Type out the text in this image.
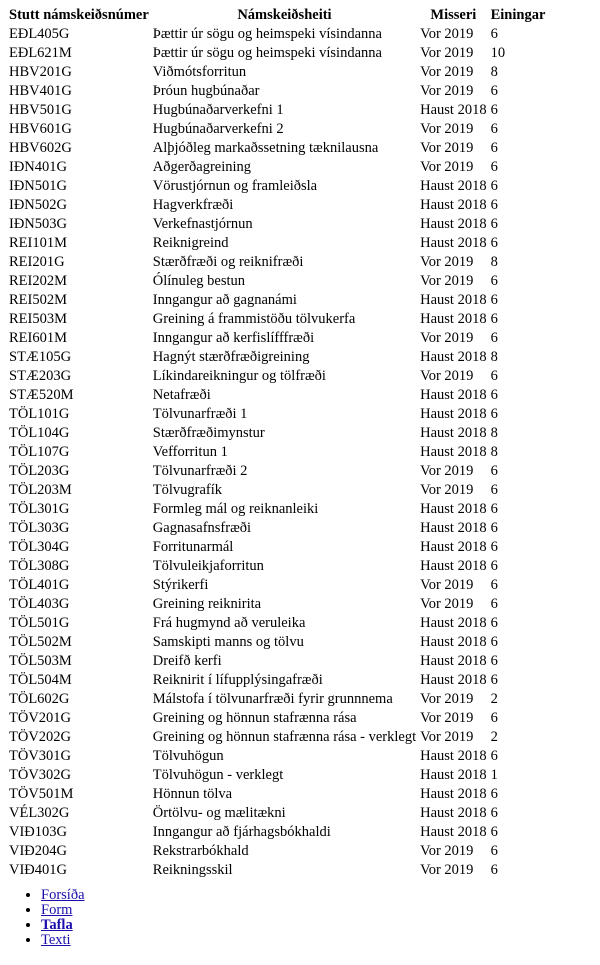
Stutt námskeiðsnúmer	Námskeiðsheiti	Misseri	Einingar
EÐL405G	Þættir úr sögu og heimspeki vísindanna	Vor 2019	6
EÐL621M	Þættir úr sögu og heimspeki vísindanna	Vor 2019	10
HBV201G	Viðmótsforritun	Vor 2019	8
HBV401G	Þróun hugbúnaðar	Vor 2019	6
HBV501G	Hugbúnaðarverkefni 1	Haust 2018	6
HBV601G	Hugbúnaðarverkefni 2	Vor 2019	6
HBV602G	Alþjóðleg markaðssetning tæknilausna	Vor 2019	6
IÐN401G	Aðgerðagreining	Vor 2019	6
IÐN501G	Vörustjórnun og framleiðsla	Haust 2018	6
IÐN502G	Hagverkfræði	Haust 2018	6
IÐN503G	Verkefnastjórnun	Haust 2018	6
REI101M	Reiknigreind	Haust 2018	6
REI201G	Stærðfræði og reiknifræði	Vor 2019	8
REI202M	Ólínuleg bestun	Vor 2019	6
REI502M	Inngangur að gagnanámi	Haust 2018	6
REI503M	Greining á frammistöðu tölvukerfa	Haust 2018	6
REI601M	Inngangur að kerfislífffræði	Vor 2019	6
STÆ105G	Hagnýt stærðfræðigreining	Haust 2018	8
STÆ203G	Líkindareikningur og tölfræði	Vor 2019	6
STÆ520M	Netafræði	Haust 2018	6
TÖL101G	Tölvunarfræði 1	Haust 2018	6
TÖL104G	Stærðfræðimynstur	Haust 2018	8
TÖL107G	Vefforritun 1	Haust 2018	8
TÖL203G	Tölvunarfræði 2	Vor 2019	6
TÖL203M	Tölvugrafík	Vor 2019	6
TÖL301G	Formleg mál og reiknanleiki	Haust 2018	6
TÖL303G	Gagnasafnsfræði	Haust 2018	6
TÖL304G	Forritunarmál	Haust 2018	6
TÖL308G	Tölvuleikjaforritun	Haust 2018	6
TÖL401G	Stýrikerfi	Vor 2019	6
TÖL403G	Greining reiknirita	Vor 2019	6
TÖL501G	Frá hugmynd að veruleika	Haust 2018	6
TÖL502M	Samskipti manns og tölvu	Haust 2018	6
TÖL503M	Dreifð kerfi	Haust 2018	6
TÖL504M	Reiknirit í lífupplýsingafræði	Haust 2018	6
TÖL602G	Málstofa í tölvunarfræði fyrir grunnnema	Vor 2019	2
TÖV201G	Greining og hönnun stafrænna rása	Vor 2019	6
TÖV202G	Greining og hönnun stafrænna rása - verklegt	Vor 2019	2
TÖV301G	Tölvuhögun	Haust 2018	6
TÖV302G	Tölvuhögun - verklegt	Haust 2018	1
TÖV501M	Hönnun tölva	Haust 2018	6
VÉL302G	Örtölvu- og mælitækni	Haust 2018	6
VIÐ103G	Inngangur að fjárhagsbókhaldi	Haust 2018	6
VIÐ204G	Rekstrarbókhald	Vor 2019	6
VIÐ401G	Reikningsskil	Vor 2019	6
• Forsíða
• Form
• Tafla
• Texti
